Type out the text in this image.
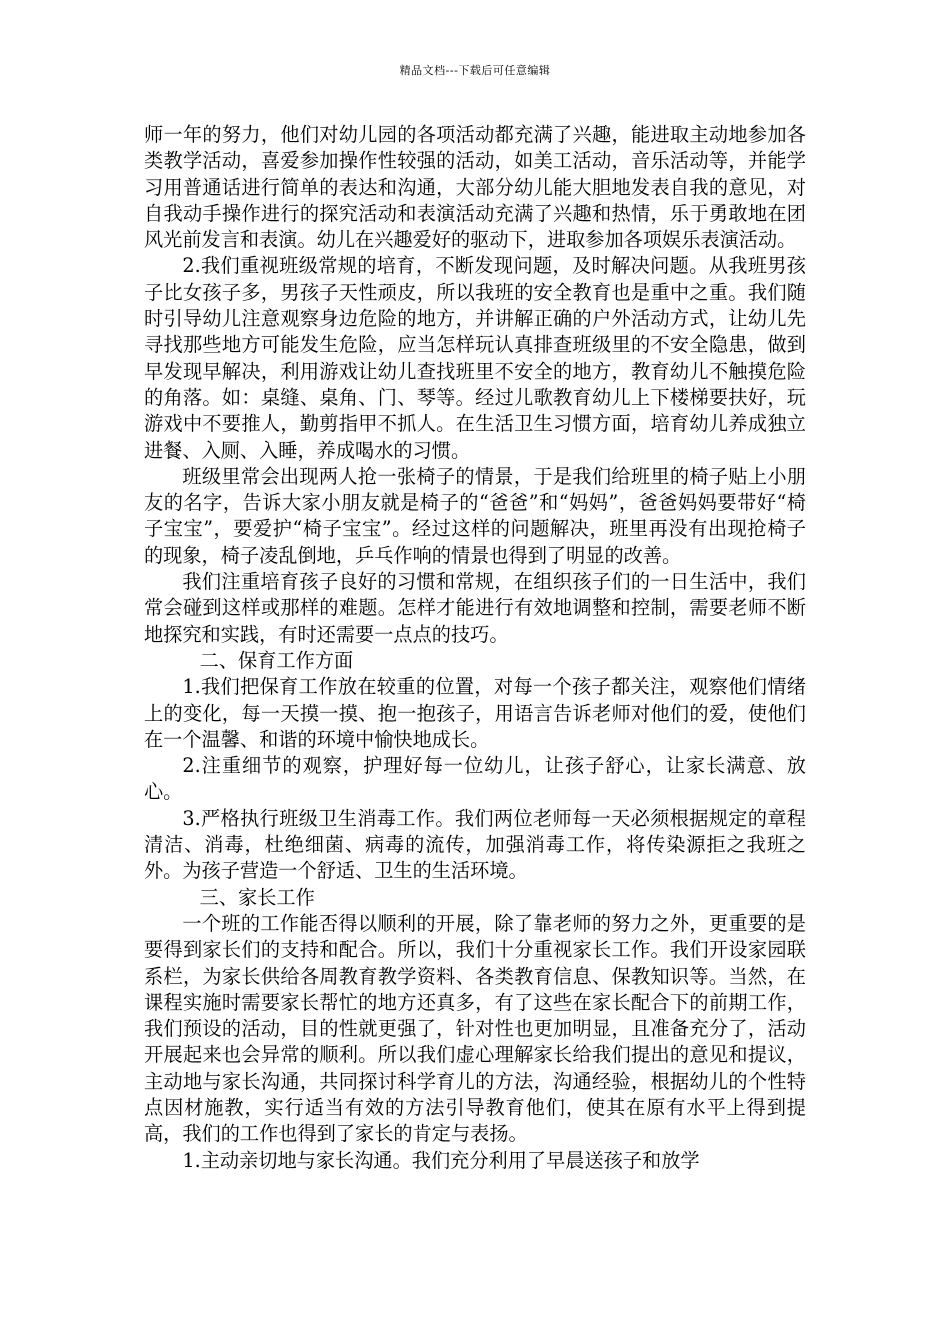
精品文档---下载后可任意编辑

师一年的努力，他们对幼儿园的各项活动都充满了兴趣，能进取主动地参加各类教学活动，喜爱参加操作性较强的活动，如美工活动，音乐活动等，并能学习用普通话进行简单的表达和沟通，大部分幼儿能大胆地发表自我的意见，对自我动手操作进行的探究活动和表演活动充满了兴趣和热情，乐于勇敢地在团风光前发言和表演。幼儿在兴趣爱好的驱动下，进取参加各项娱乐表演活动。

2.我们重视班级常规的培育，不断发现问题，及时解决问题。从我班男孩子比女孩子多，男孩子天性顽皮，所以我班的安全教育也是重中之重。我们随时引导幼儿注意观察身边危险的地方，并讲解正确的户外活动方式，让幼儿先寻找那些地方可能发生危险，应当怎样玩认真排查班级里的不安全隐患，做到早发现早解决，利用游戏让幼儿查找班里不安全的地方，教育幼儿不触摸危险的角落。如：桌缝、桌角、门、琴等。经过儿歌教育幼儿上下楼梯要扶好，玩游戏中不要推人，勤剪指甲不抓人。在生活卫生习惯方面，培育幼儿养成独立进餐、入厕、入睡，养成喝水的习惯。

班级里常会出现两人抢一张椅子的情景，于是我们给班里的椅子贴上小朋友的名字，告诉大家小朋友就是椅子的“爸爸”和“妈妈”，爸爸妈妈要带好“椅子宝宝”，要爱护“椅子宝宝”。经过这样的问题解决，班里再没有出现抢椅子的现象，椅子凌乱倒地，乒乓作响的情景也得到了明显的改善。

我们注重培育孩子良好的习惯和常规，在组织孩子们的一日生活中，我们常会碰到这样或那样的难题。怎样才能进行有效地调整和控制，需要老师不断地探究和实践，有时还需要一点点的技巧。

二、保育工作方面

1.我们把保育工作放在较重的位置，对每一个孩子都关注，观察他们情绪上的变化，每一天摸一摸、抱一抱孩子，用语言告诉老师对他们的爱，使他们在一个温馨、和谐的环境中愉快地成长。

2.注重细节的观察，护理好每一位幼儿，让孩子舒心，让家长满意、放心。

3.严格执行班级卫生消毒工作。我们两位老师每一天必须根据规定的章程清洁、消毒，杜绝细菌、病毒的流传，加强消毒工作，将传染源拒之我班之外。为孩子营造一个舒适、卫生的生活环境。

三、家长工作

一个班的工作能否得以顺利的开展，除了靠老师的努力之外，更重要的是要得到家长们的支持和配合。所以，我们十分重视家长工作。我们开设家园联系栏，为家长供给各周教育教学资料、各类教育信息、保教知识等。当然，在课程实施时需要家长帮忙的地方还真多，有了这些在家长配合下的前期工作，我们预设的活动，目的性就更强了，针对性也更加明显，且准备充分了，活动开展起来也会异常的顺利。所以我们虚心理解家长给我们提出的意见和提议，主动地与家长沟通，共同探讨科学育儿的方法，沟通经验，根据幼儿的个性特点因材施教，实行适当有效的方法引导教育他们，使其在原有水平上得到提高，我们的工作也得到了家长的肯定与表扬。

1.主动亲切地与家长沟通。我们充分利用了早晨送孩子和放学
